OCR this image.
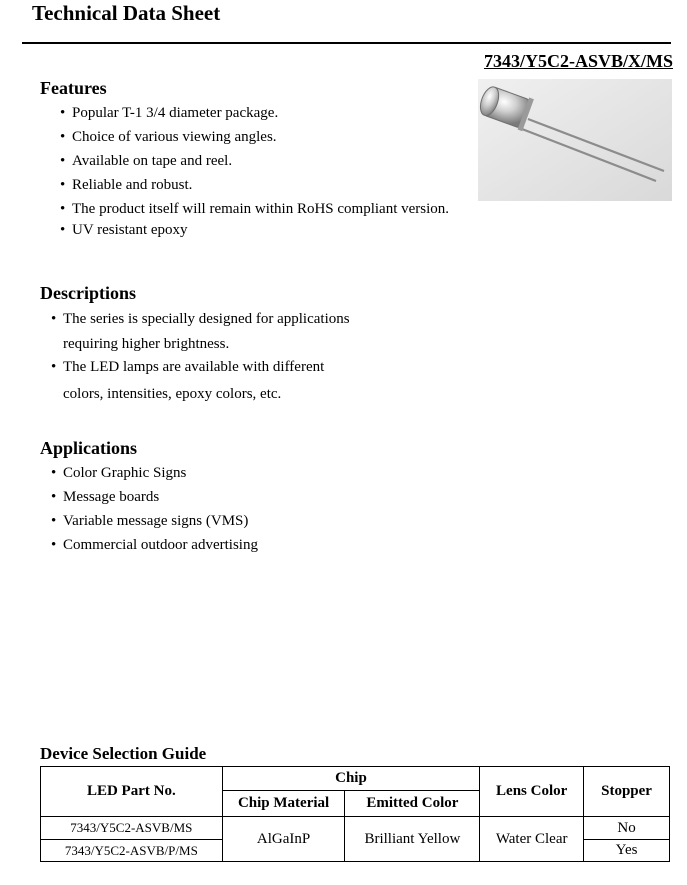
Technical Data Sheet
7343/Y5C2-ASVB/X/MS
Features
• Popular T-1 3/4 diameter package.
• Choice of various viewing angles.
• Available on tape and reel.
• Reliable and robust.
• The product itself will remain within RoHS compliant version.
• UV resistant epoxy
Descriptions
• The series is specially designed for applications
requiring higher brightness.
• The LED lamps are available with different
colors, intensities, epoxy colors, etc.
Applications
• Color Graphic Signs
• Message boards
• Variable message signs (VMS)
• Commercial outdoor advertising
Device Selection Guide
LED Part No.	Chip		Lens Color	Stopper
	Chip Material	Emitted Color		
7343/Y5C2-ASVB/MS	AlGaInP	Brilliant Yellow	Water Clear	No
7343/Y5C2-ASVB/P/MS				Yes
